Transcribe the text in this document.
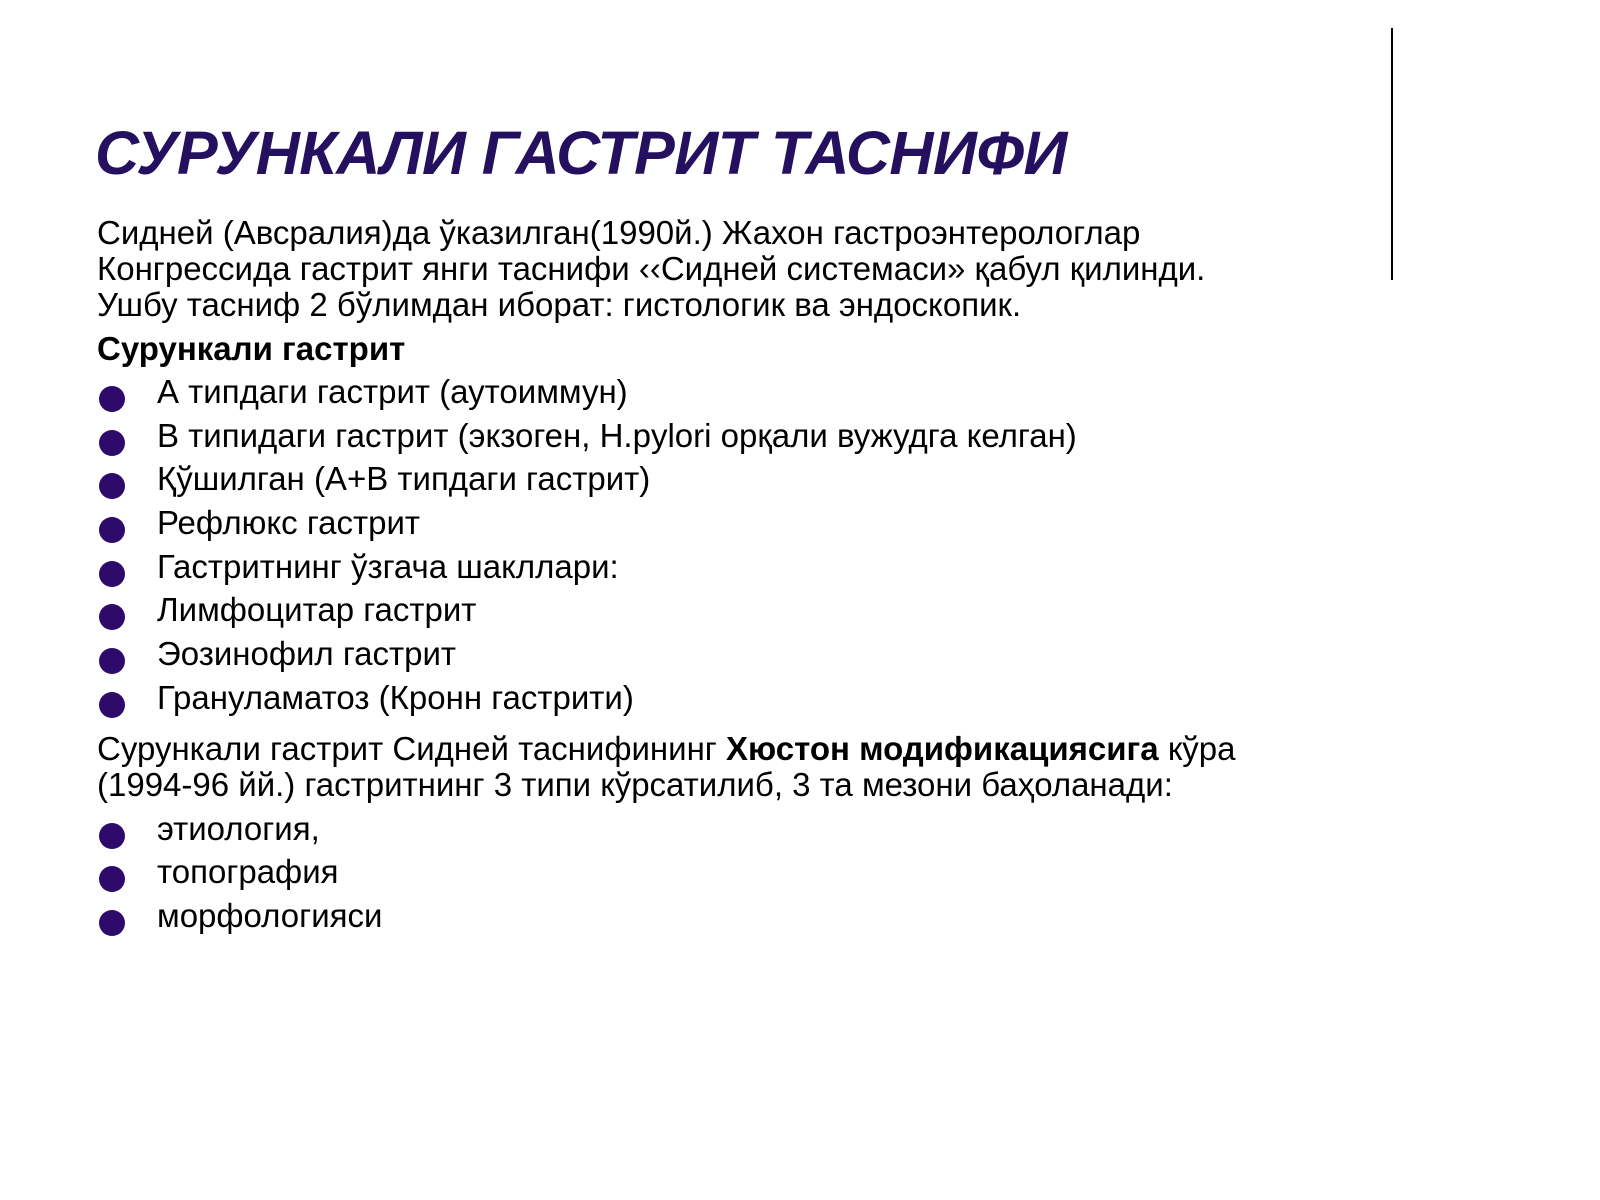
СУРУНКАЛИ ГАСТРИТ ТАСНИФИ

Сидней (Авсралия)да ўказилган(1990й.) Жахон гастроэнтерологлар
Конгрессида гастрит янги таснифи ‹‹Сидней системаси» қабул қилинди.
Ушбу тасниф 2 бўлимдан иборат: гистологик ва эндоскопик.

Сурункали гастрит
А типдаги гастрит (аутоиммун)
В типидаги гастрит (экзоген, H.pylori орқали вужудга келган)
Қўшилган (А+В типдаги гастрит)
Рефлюкс гастрит
Гастритнинг ўзгача шакллари:
Лимфоцитар гастрит
Эозинофил гастрит
Грануламатоз (Кронн гастрити)

Сурункали гастрит Сидней таснифининг Хюстон модификациясига кўра
(1994-96 йй.) гастритнинг 3 типи кўрсатилиб, 3 та мезони баҳоланади:

этиология,
топография
морфологияси
